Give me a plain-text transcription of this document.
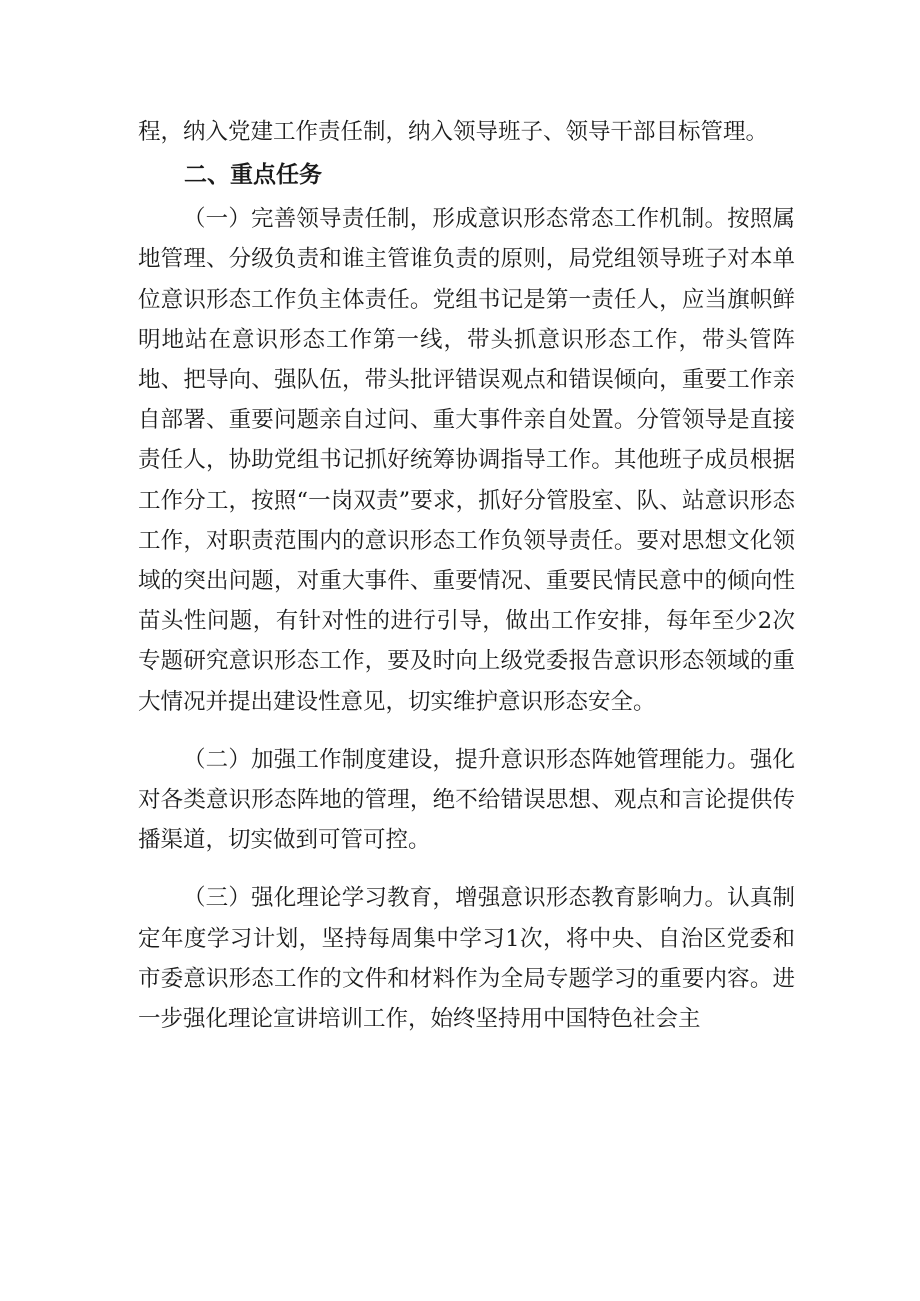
程，纳入党建工作责任制，纳入领导班子、领导干部目标管理。

二、重点任务

（一）完善领导责任制，形成意识形态常态工作机制。按照属地管理、分级负责和谁主管谁负责的原则，局党组领导班子对本单位意识形态工作负主体责任。党组书记是第一责任人，应当旗帜鲜明地站在意识形态工作第一线，带头抓意识形态工作，带头管阵地、把导向、强队伍，带头批评错误观点和错误倾向，重要工作亲自部署、重要问题亲自过问、重大事件亲自处置。分管领导是直接责任人，协助党组书记抓好统筹协调指导工作。其他班子成员根据工作分工，按照“一岗双责”要求，抓好分管股室、队、站意识形态工作，对职责范围内的意识形态工作负领导责任。要对思想文化领域的突出问题，对重大事件、重要情况、重要民情民意中的倾向性苗头性问题，有针对性的进行引导，做出工作安排，每年至少2次专题研究意识形态工作，要及时向上级党委报告意识形态领域的重大情况并提出建设性意见，切实维护意识形态安全。

（二）加强工作制度建设，提升意识形态阵她管理能力。强化对各类意识形态阵地的管理，绝不给错误思想、观点和言论提供传播渠道，切实做到可管可控。

（三）强化理论学习教育，增强意识形态教育影响力。认真制定年度学习计划，坚持每周集中学习1次，将中央、自治区党委和市委意识形态工作的文件和材料作为全局专题学习的重要内容。进一步强化理论宣讲培训工作，始终坚持用中国特色社会主
